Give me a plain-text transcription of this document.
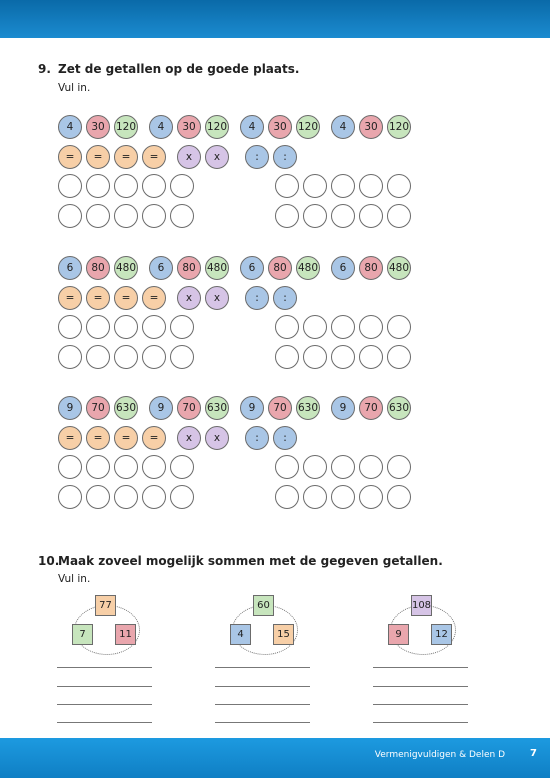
9. Zet de getallen op de goede plaats.
Vul in.
4	30	120	4	30	120	4	30	120	4	30	120
=	=	=	=	x	x	:	:
6	80	480	6	80	480	6	80	480	6	80	480
=	=	=	=	x	x	:	:
9	70	630	9	70	630	9	70	630	9	70	630
=	=	=	=	x	x	:	:
10.
Maak zoveel mogelijk sommen met de gegeven getallen.
Vul in.
77
7	11
60
4	15
108
9	12
Vermenigvuldigen & Delen D	7
